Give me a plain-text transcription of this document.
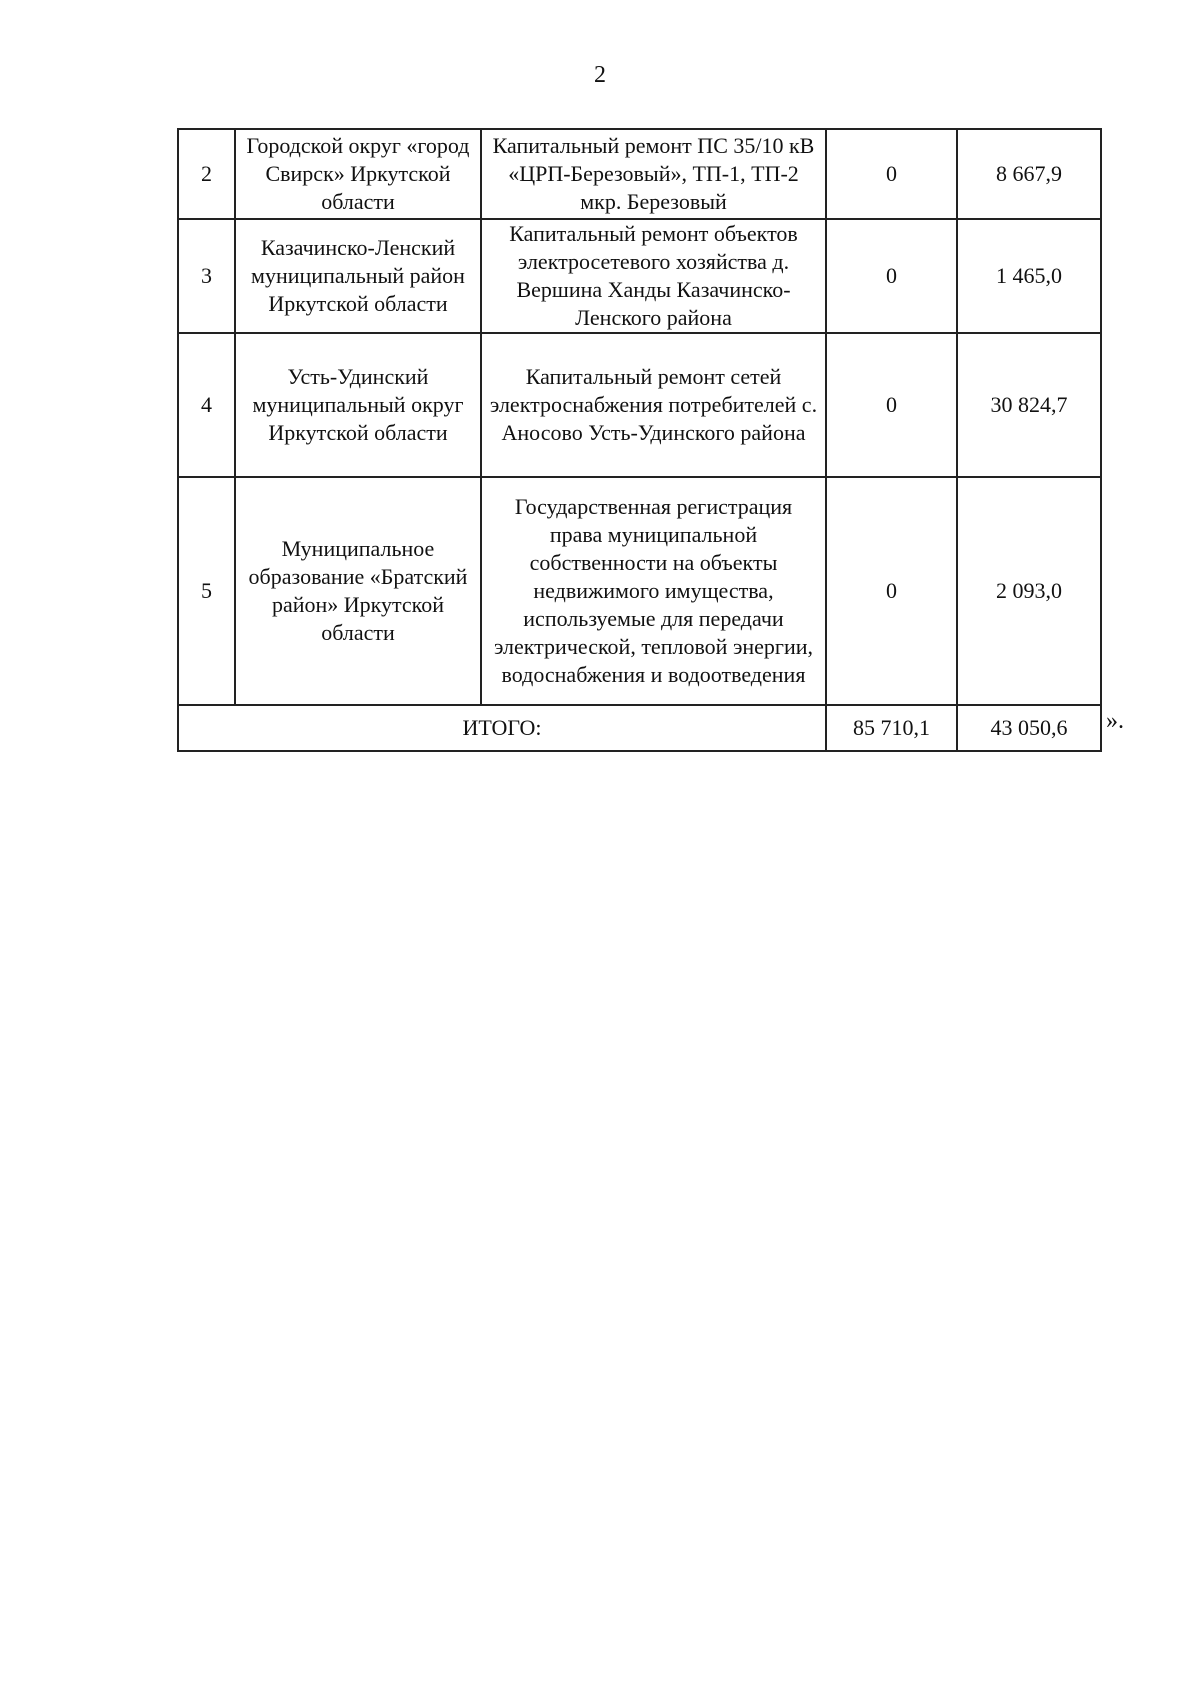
2
2	Городской округ «город Свирск» Иркутской области	Капитальный ремонт ПС 35/10 кВ «ЦРП-Березовый», ТП-1, ТП-2 мкр. Березовый	0	8 667,9
3	Казачинско-Ленский муниципальный район Иркутской области	Капитальный ремонт объектов электросетевого хозяйства д. Вершина Ханды Казачинско-Ленского района	0	1 465,0
4	Усть-Удинский муниципальный округ Иркутской области	Капитальный ремонт сетей электроснабжения потребителей с. Аносово Усть-Удинского района	0	30 824,7
5	Муниципальное образование «Братский район» Иркутской области	Государственная регистрация права муниципальной собственности на объекты недвижимого имущества, используемые для передачи электрической, тепловой энергии, водоснабжения и водоотведения	0	2 093,0
ИТОГО:			85 710,1	43 050,6 ».
